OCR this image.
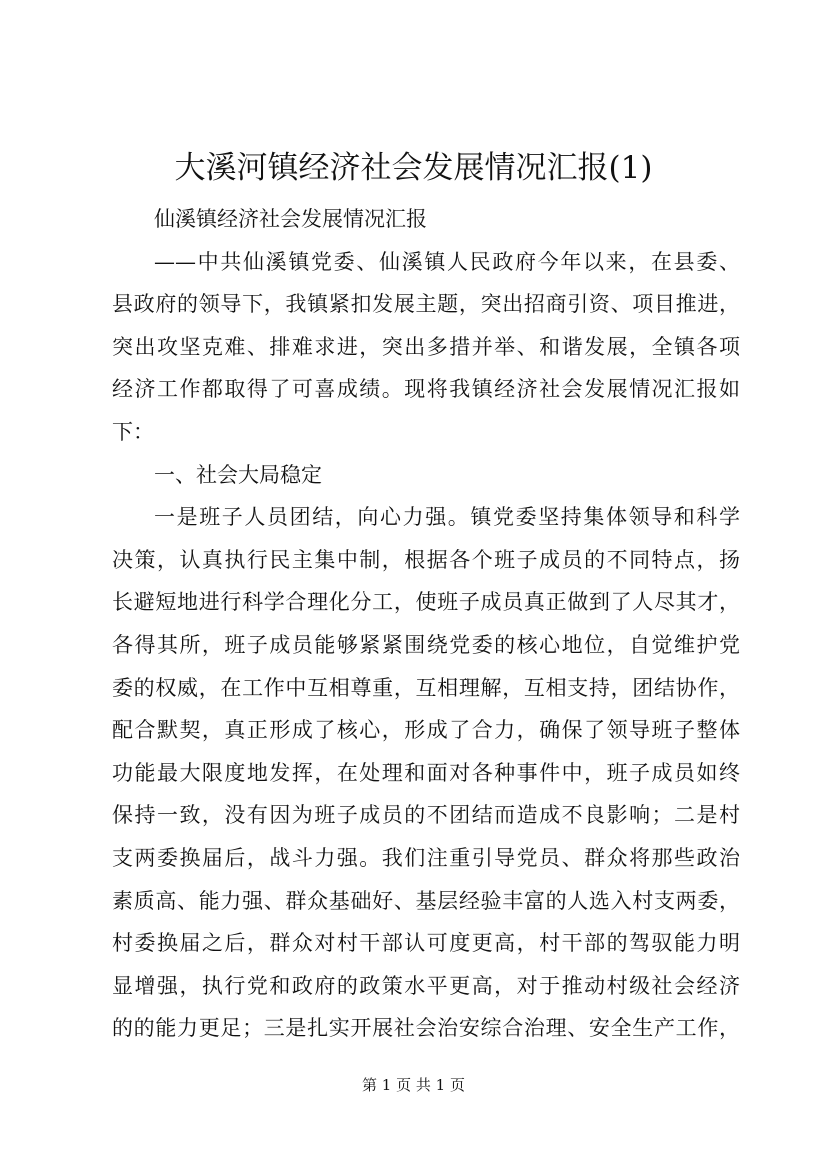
大溪河镇经济社会发展情况汇报(1)
仙溪镇经济社会发展情况汇报
——中共仙溪镇党委、仙溪镇人民政府今年以来，在县委、
县政府的领导下，我镇紧扣发展主题，突出招商引资、项目推进，
突出攻坚克难、排难求进，突出多措并举、和谐发展，全镇各项
经济工作都取得了可喜成绩。现将我镇经济社会发展情况汇报如
下：
一、社会大局稳定
一是班子人员团结，向心力强。镇党委坚持集体领导和科学
决策，认真执行民主集中制，根据各个班子成员的不同特点，扬
长避短地进行科学合理化分工，使班子成员真正做到了人尽其才，
各得其所，班子成员能够紧紧围绕党委的核心地位，自觉维护党
委的权威，在工作中互相尊重，互相理解，互相支持，团结协作，
配合默契，真正形成了核心，形成了合力，确保了领导班子整体
功能最大限度地发挥，在处理和面对各种事件中，班子成员如终
保持一致，没有因为班子成员的不团结而造成不良影响；二是村
支两委换届后，战斗力强。我们注重引导党员、群众将那些政治
素质高、能力强、群众基础好、基层经验丰富的人选入村支两委，
村委换届之后，群众对村干部认可度更高，村干部的驾驭能力明
显增强，执行党和政府的政策水平更高，对于推动村级社会经济
的的能力更足；三是扎实开展社会治安综合治理、安全生产工作，
第 1 页 共 1 页
